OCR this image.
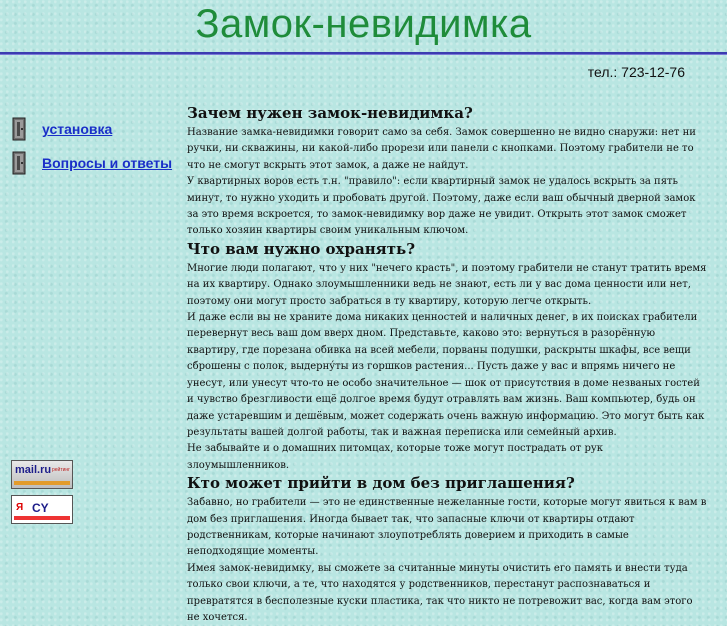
Замок-невидимка
тел.: 723-12-76
установка
Вопросы и ответы
mail.ru рейтинг
Я CY
Зачем нужен замок-невидимка?

Название замка-невидимки говорит само за себя. Замок совершенно не видно снаружи: нет ни ручки, ни скважины, ни какой-либо прорези или панели с кнопками. Поэтому грабители не то что не смогут вскрыть этот замок, а даже не найдут.

У квартирных воров есть т.н. "правило": если квартирный замок не удалось вскрыть за пять минут, то нужно уходить и пробовать другой. Поэтому, даже если ваш обычный дверной замок за это время вскроется, то замок-невидимку вор даже не увидит. Открыть этот замок сможет только хозяин квартиры своим уникальным ключом.

Что вам нужно охранять?

Многие люди полагают, что у них "нечего красть", и поэтому грабители не станут тратить время на их квартиру. Однако злоумышленники ведь не знают, есть ли у вас дома ценности или нет, поэтому они могут просто забраться в ту квартиру, которую легче открыть.

И даже если вы не храните дома никаких ценностей и наличных денег, в их поисках грабители перевернут весь ваш дом вверх дном. Представьте, каково это: вернуться в разорённую квартиру, где порезана обивка на всей мебели, порваны подушки, раскрыты шкафы, все вещи сброшены с полок, выдерну́ты из горшков растения... Пусть даже у вас и впрямь ничего не унесут, или унесут что-то не особо значительное — шок от присутствия в доме незваных гостей и чувство брезгливости ещё долгое время будут отравлять вам жизнь. Ваш компьютер, будь он даже устаревшим и дешёвым, может содержать очень важную информацию. Это могут быть как результаты вашей долгой работы, так и важная переписка или семейный архив.

Не забывайте и о домашних питомцах, которые тоже могут пострадать от рук злоумышленников.

Кто может прийти в дом без приглашения?

Забавно, но грабители — это не единственные нежеланные гости, которые могут явиться к вам в дом без приглашения. Иногда бывает так, что запасные ключи от квартиры отдают родственникам, которые начинают злоупотреблять доверием и приходить в самые неподходящие моменты.

Имея замок-невидимку, вы сможете за считанные минуты очистить его память и внести туда только свои ключи, а те, что находятся у родственников, перестанут распознаваться и превратятся в бесполезные куски пластика, так что никто не потревожит вас, когда вам этого не хочется.
